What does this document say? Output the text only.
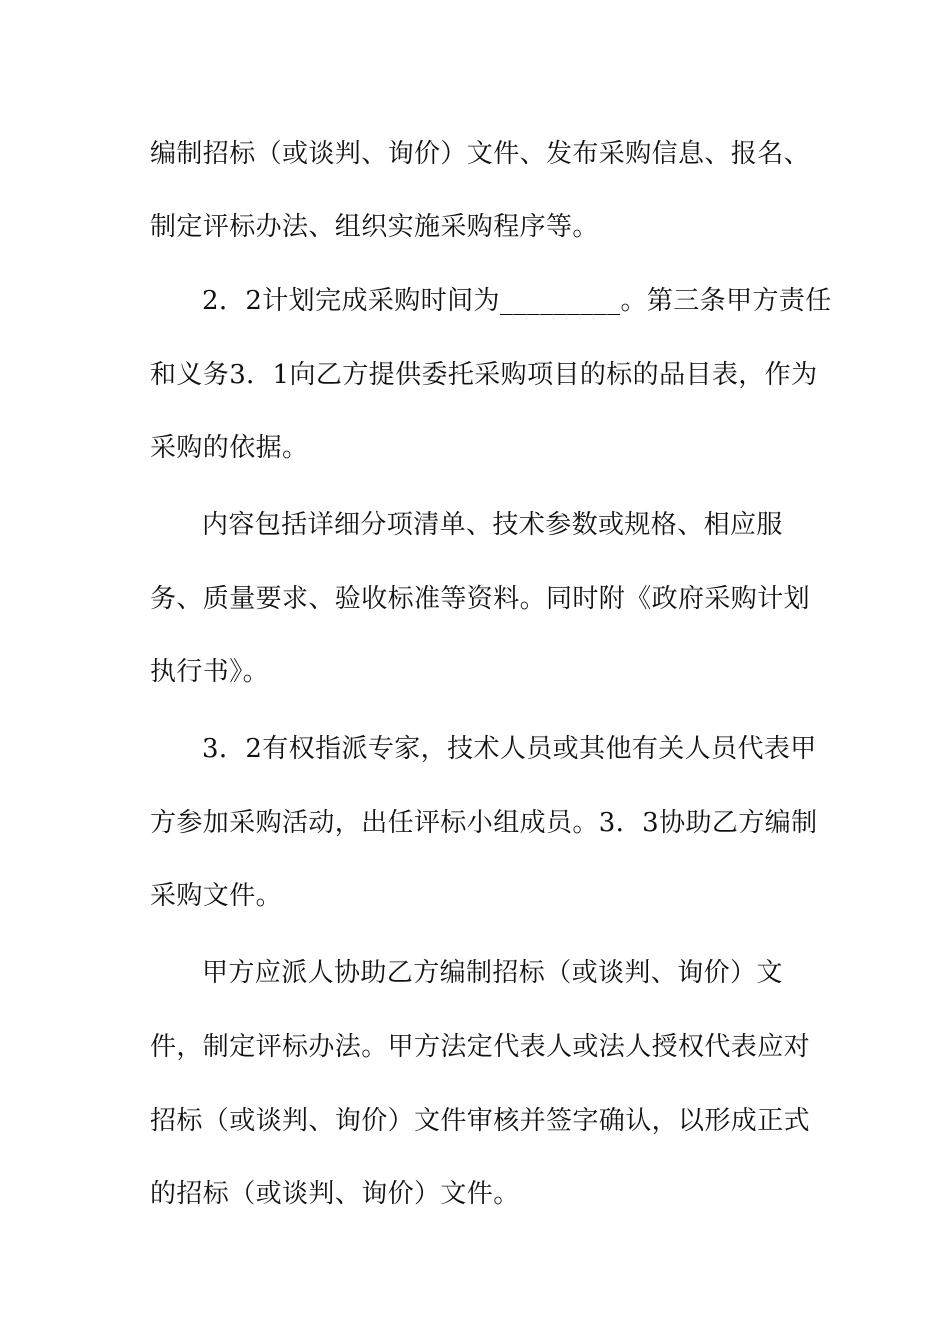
编制招标（或谈判、询价）文件、发布采购信息、报名、
制定评标办法、组织实施采购程序等。
2．2计划完成采购时间为_________。第三条甲方责任
和义务3．1向乙方提供委托采购项目的标的品目表，作为
采购的依据。
内容包括详细分项清单、技术参数或规格、相应服
务、质量要求、验收标准等资料。同时附《政府采购计划
执行书》。
3．2有权指派专家，技术人员或其他有关人员代表甲
方参加采购活动，出任评标小组成员。3．3协助乙方编制
采购文件。
甲方应派人协助乙方编制招标（或谈判、询价）文
件，制定评标办法。甲方法定代表人或法人授权代表应对
招标（或谈判、询价）文件审核并签字确认，以形成正式
的招标（或谈判、询价）文件。
